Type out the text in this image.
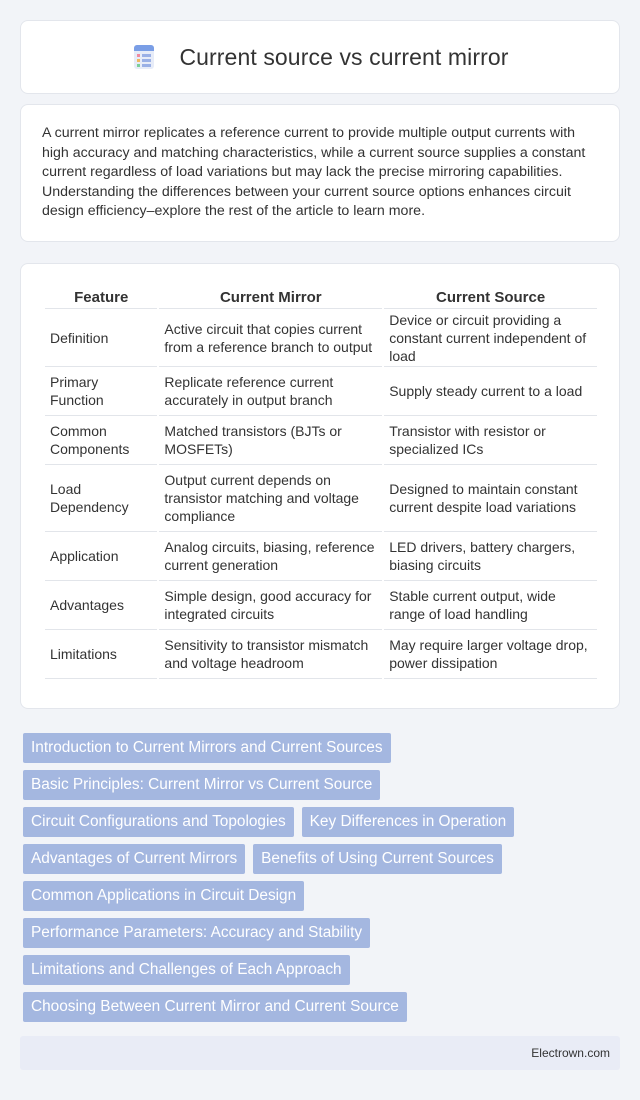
Current source vs current mirror

A current mirror replicates a reference current to provide multiple output currents with high accuracy and matching characteristics, while a current source supplies a constant current regardless of load variations but may lack the precise mirroring capabilities. Understanding the differences between your current source options enhances circuit design efficiency–explore the rest of the article to learn more.

Feature	Current Mirror	Current Source
Definition	Active circuit that copies current from a reference branch to output	Device or circuit providing a constant current independent of load
Primary Function	Replicate reference current accurately in output branch	Supply steady current to a load
Common Components	Matched transistors (BJTs or MOSFETs)	Transistor with resistor or specialized ICs
Load Dependency	Output current depends on transistor matching and voltage compliance	Designed to maintain constant current despite load variations
Application	Analog circuits, biasing, reference current generation	LED drivers, battery chargers, biasing circuits
Advantages	Simple design, good accuracy for integrated circuits	Stable current output, wide range of load handling
Limitations	Sensitivity to transistor mismatch and voltage headroom	May require larger voltage drop, power dissipation
Introduction to Current Mirrors and Current Sources
Basic Principles: Current Mirror vs Current Source
Circuit Configurations and Topologies	Key Differences in Operation
Advantages of Current Mirrors	Benefits of Using Current Sources
Common Applications in Circuit Design
Performance Parameters: Accuracy and Stability
Limitations and Challenges of Each Approach
Choosing Between Current Mirror and Current Source
Electrown.com
